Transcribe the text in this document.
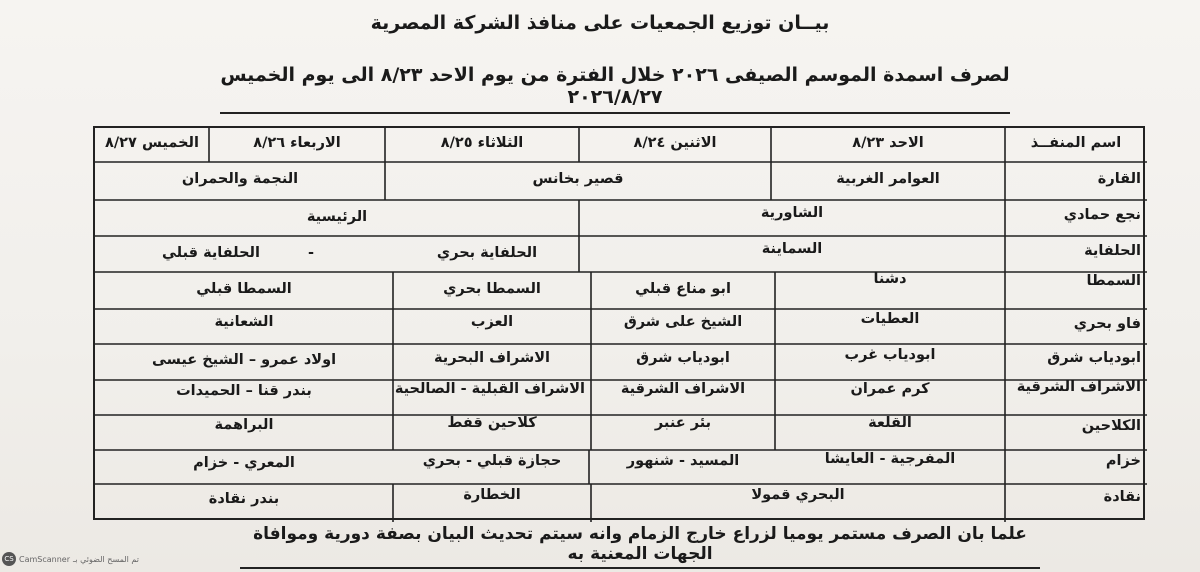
بيــان توزيع الجمعيات على منافذ الشركة المصرية
لصرف اسمدة الموسم الصيفى ٢٠٢٦ خلال الفترة من يوم الاحد ٨/٢٣ الى يوم الخميس ٢٠٢٦/٨/٢٧
اسم المنفــذ
الاحد ٨/٢٣
الاثنين ٨/٢٤
الثلاثاء ٨/٢٥
الاربعاء ٨/٢٦
الخميس ٨/٢٧
القارة
العوامر الغربية
قصير بخانس
النجمة والحمران
نجع حمادي
الشاورية
الرئيسية
الحلفاية
السماينة
الحلفاية بحري
-
الحلفاية قبلي
السمطا
دشنا
ابو مناع قبلي
السمطا بحري
السمطا قبلي
فاو بحري
العطيات
الشيخ على شرق
العزب
الشعانية
ابودياب شرق
ابودياب غرب
ابودياب شرق
الاشراف البحرية
اولاد عمرو – الشيخ عيسى
الاشراف الشرقية
كرم عمران
الاشراف الشرقية
الاشراف القبلية - الصالحية
بندر قنا – الحميدات
الكلاحين
القلعة
بئر عنبر
كلاحين قفط
البراهمة
خزام
المفرجية - العايشا
المسيد - شنهور
حجازة قبلي - بحري
المعري - خزام
نقادة
البحري قمولا
الخطارة
بندر نقادة
علما بان الصرف مستمر يوميا لزراع خارج الزمام وانه سيتم تحديث البيان بصفة دورية وموافاة الجهات المعنية به
CS CamScanner تم المسح الضوئي بـ
